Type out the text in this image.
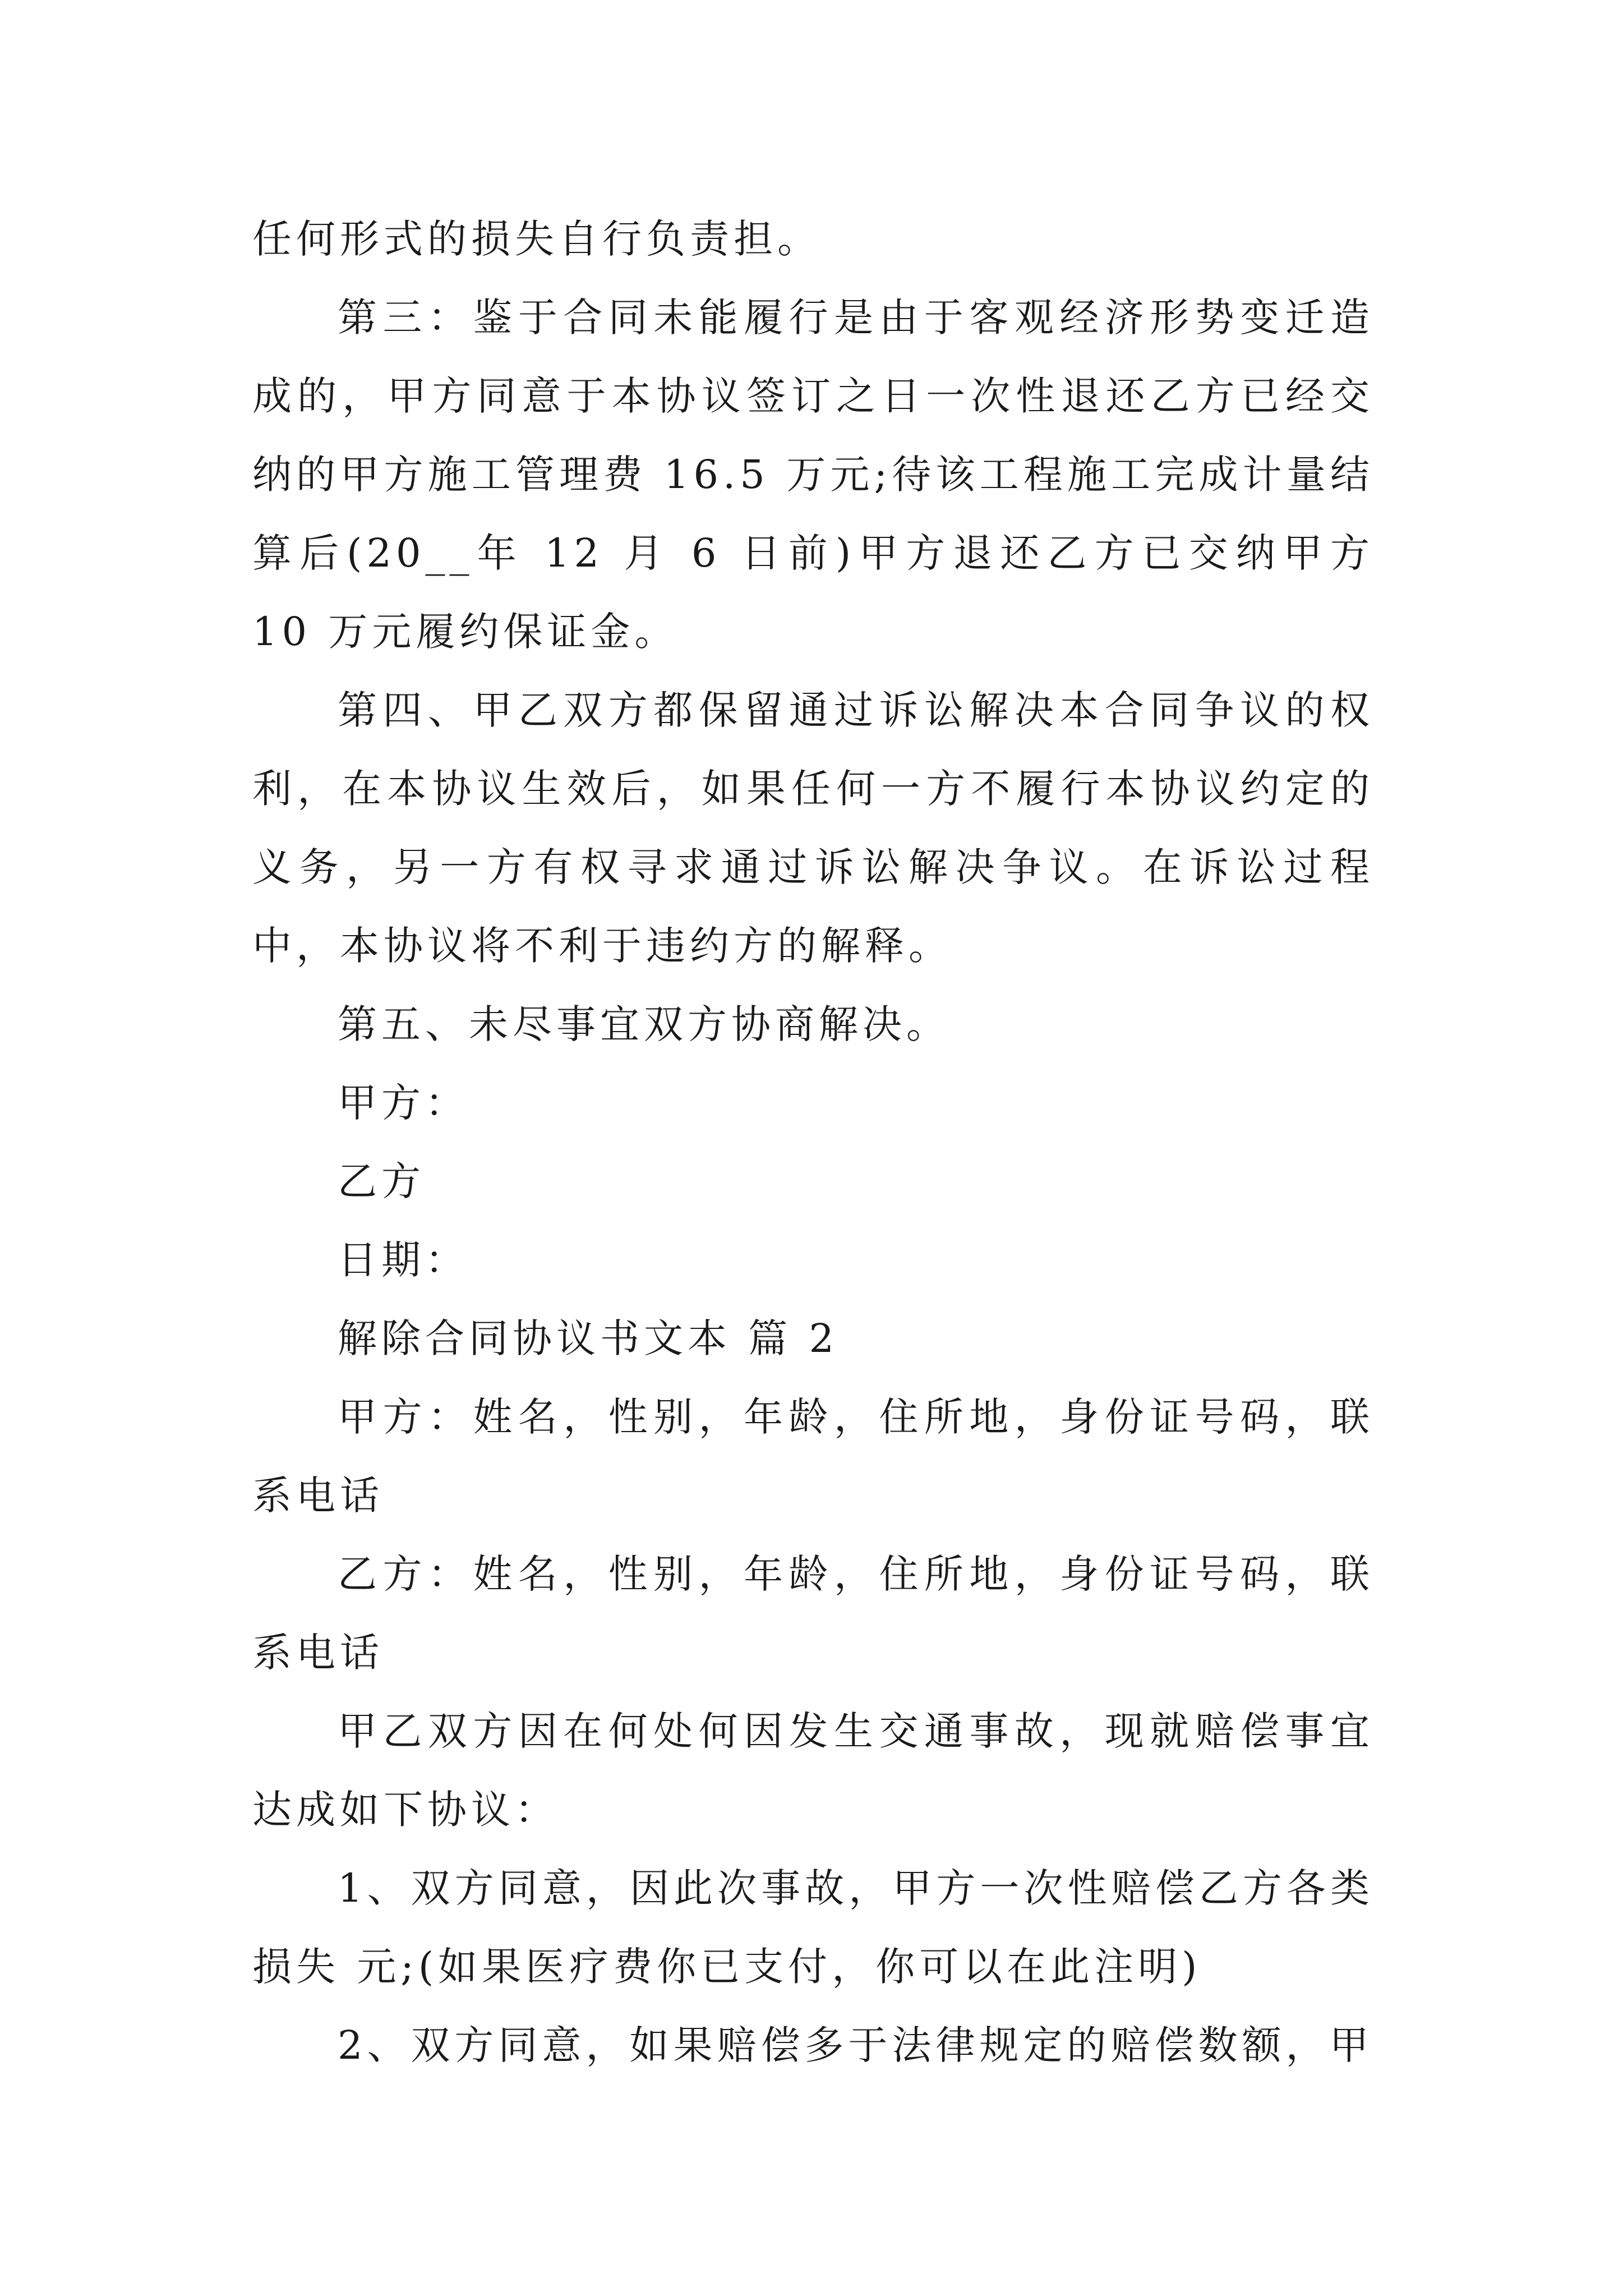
任何形式的损失自行负责担。

第三：鉴于合同未能履行是由于客观经济形势变迁造成的，甲方同意于本协议签订之日一次性退还乙方已经交纳的甲方施工管理费 16.5 万元;待该工程施工完成计量结算后(20__年 12 月 6 日前)甲方退还乙方已交纳甲方 10 万元履约保证金。

第四、甲乙双方都保留通过诉讼解决本合同争议的权利，在本协议生效后，如果任何一方不履行本协议约定的义务，另一方有权寻求通过诉讼解决争议。在诉讼过程中，本协议将不利于违约方的解释。

第五、未尽事宜双方协商解决。

甲方：

乙方

日期：

解除合同协议书文本 篇 2

甲方：姓名，性别，年龄，住所地，身份证号码，联系电话

乙方：姓名，性别，年龄，住所地，身份证号码，联系电话

甲乙双方因在何处何因发生交通事故，现就赔偿事宜达成如下协议：

1、双方同意，因此次事故，甲方一次性赔偿乙方各类损失 元;(如果医疗费你已支付，你可以在此注明)

2、双方同意，如果赔偿多于法律规定的赔偿数额，甲
